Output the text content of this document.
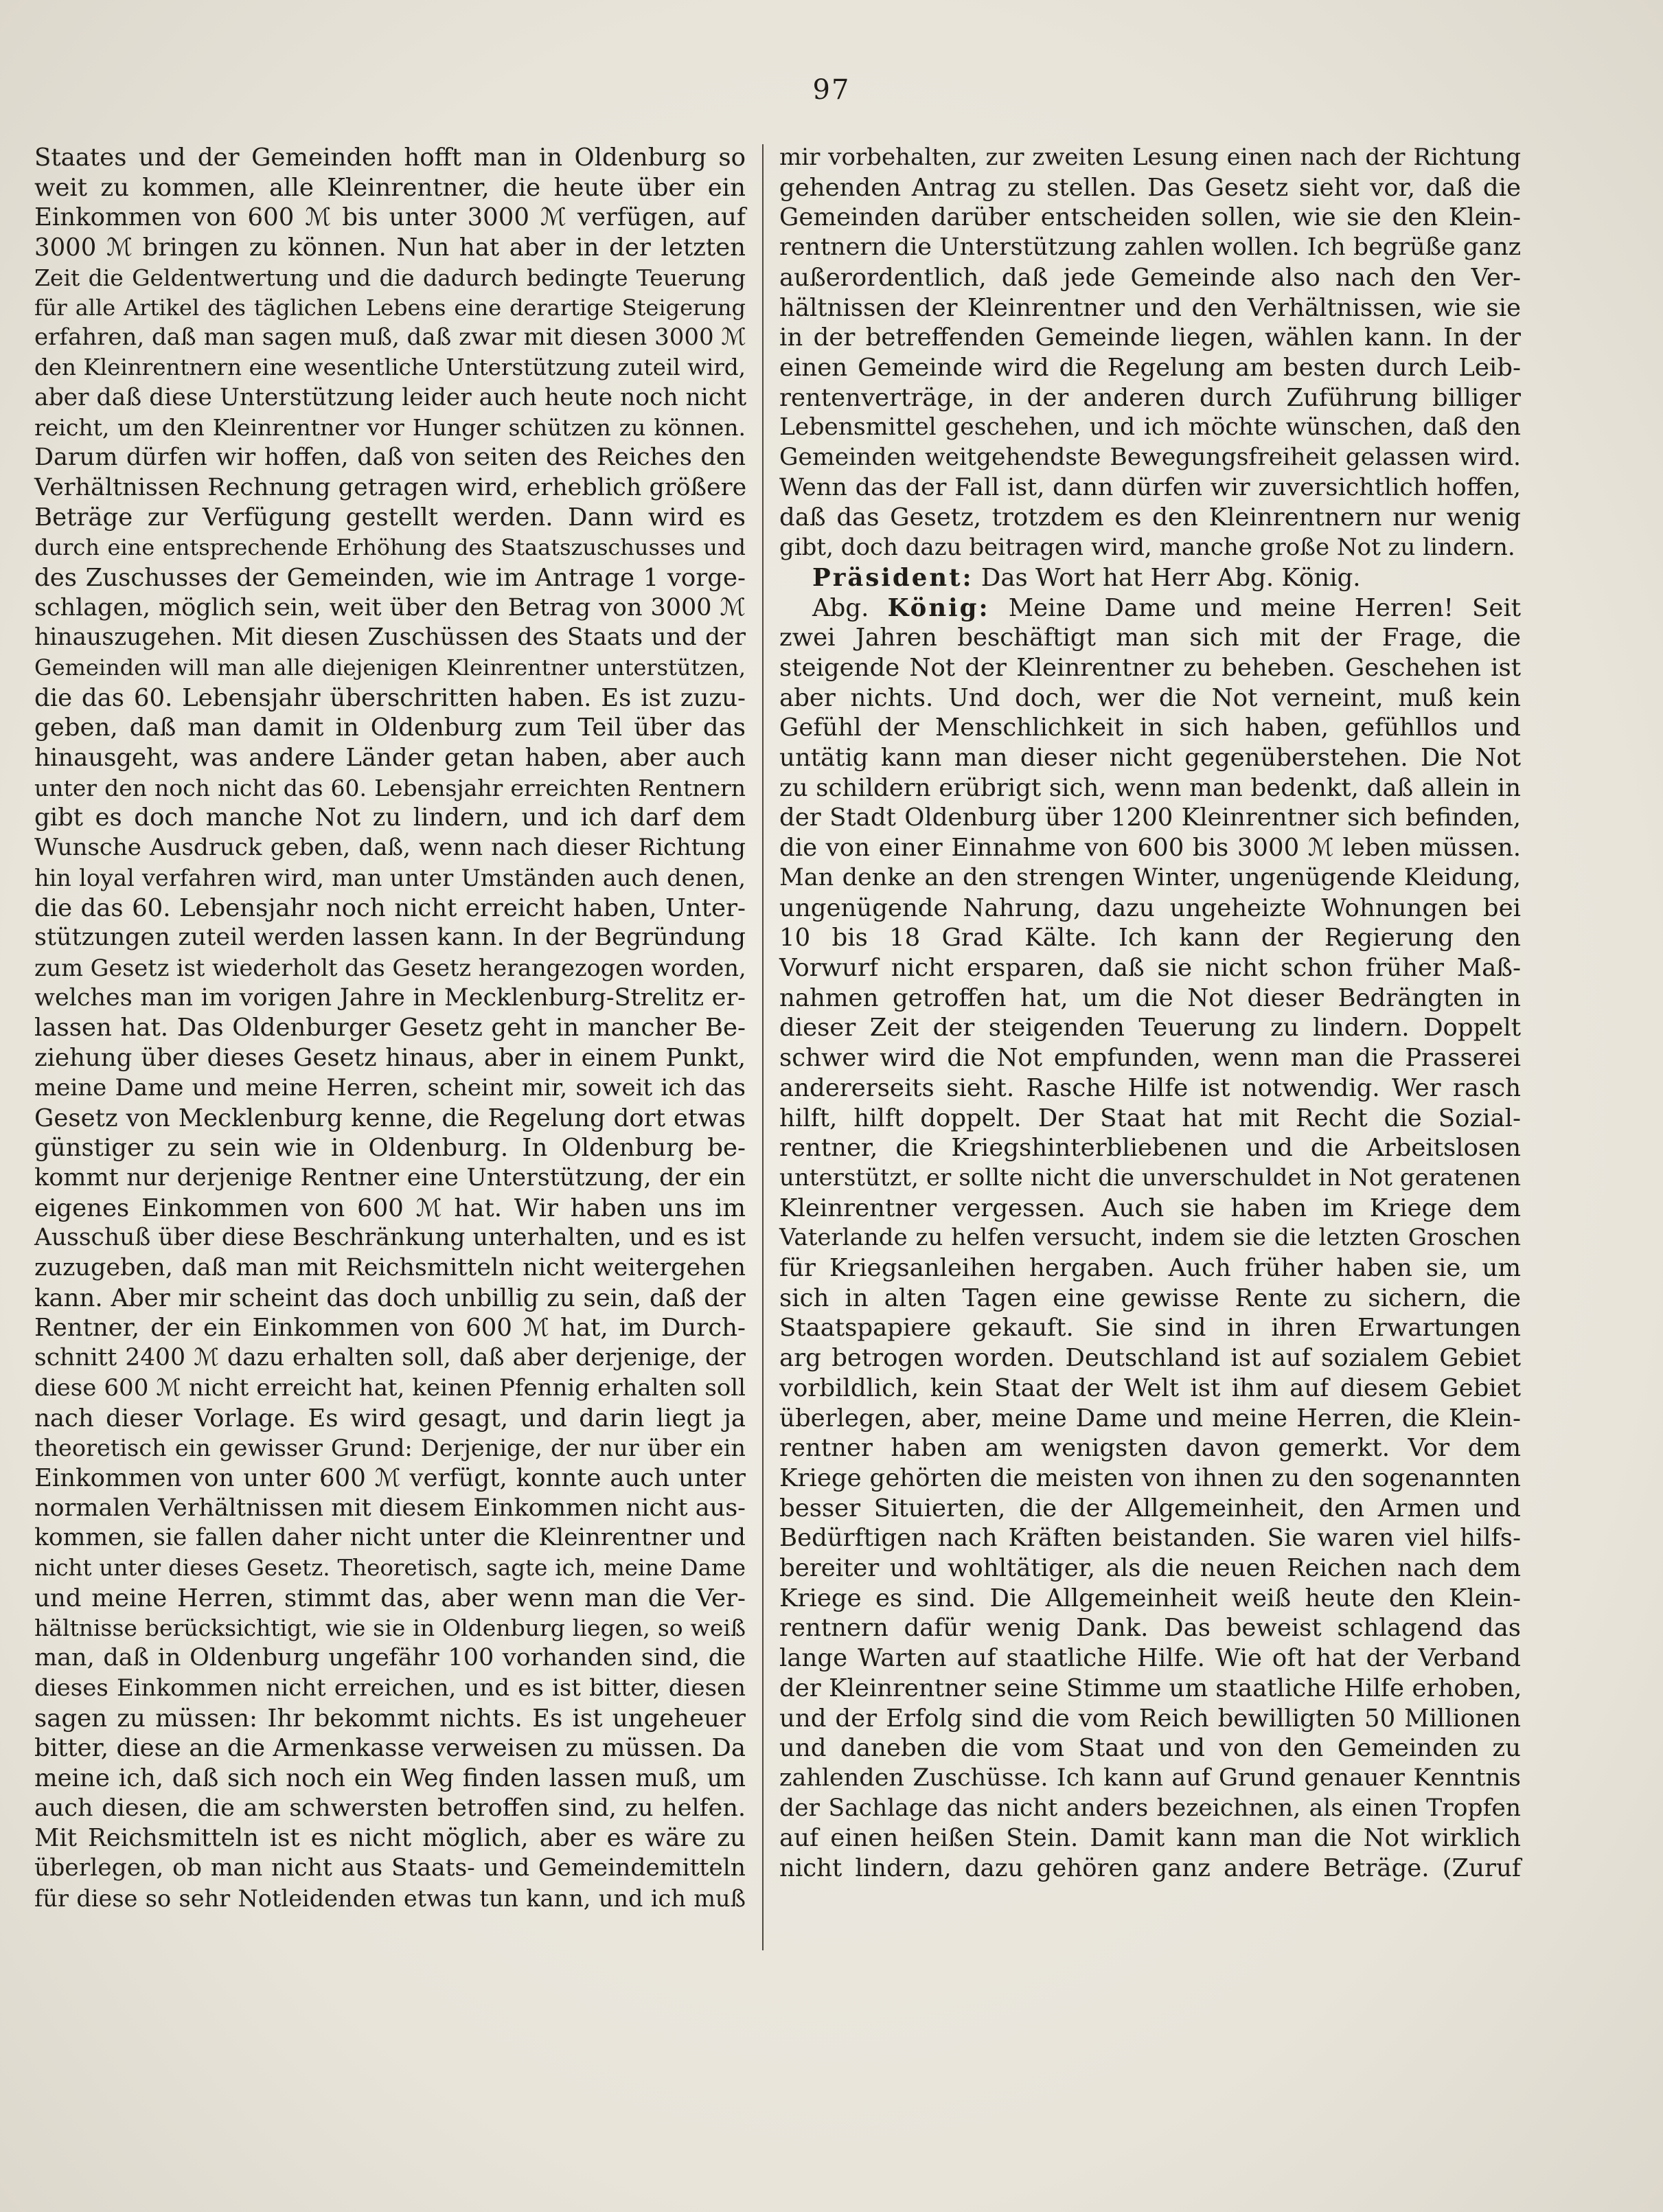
97
Staates und der Gemeinden hofft man in Oldenburg so
weit zu kommen, alle Kleinrentner, die heute über ein
Einkommen von 600 ℳ bis unter 3000 ℳ verfügen, auf
3000 ℳ bringen zu können. Nun hat aber in der letzten
Zeit die Geldentwertung und die dadurch bedingte Teuerung
für alle Artikel des täglichen Lebens eine derartige Steigerung
erfahren, daß man sagen muß, daß zwar mit diesen 3000 ℳ
den Kleinrentnern eine wesentliche Unterstützung zuteil wird,
aber daß diese Unterstützung leider auch heute noch nicht
reicht, um den Kleinrentner vor Hunger schützen zu können.
Darum dürfen wir hoffen, daß von seiten des Reiches den
Verhältnissen Rechnung getragen wird, erheblich größere
Beträge zur Verfügung gestellt werden. Dann wird es
durch eine entsprechende Erhöhung des Staatszuschusses und
des Zuschusses der Gemeinden, wie im Antrage 1 vorge-
schlagen, möglich sein, weit über den Betrag von 3000 ℳ
hinauszugehen. Mit diesen Zuschüssen des Staats und der
Gemeinden will man alle diejenigen Kleinrentner unterstützen,
die das 60. Lebensjahr überschritten haben. Es ist zuzu-
geben, daß man damit in Oldenburg zum Teil über das
hinausgeht, was andere Länder getan haben, aber auch
unter den noch nicht das 60. Lebensjahr erreichten Rentnern
gibt es doch manche Not zu lindern, und ich darf dem
Wunsche Ausdruck geben, daß, wenn nach dieser Richtung
hin loyal verfahren wird, man unter Umständen auch denen,
die das 60. Lebensjahr noch nicht erreicht haben, Unter-
stützungen zuteil werden lassen kann. In der Begründung
zum Gesetz ist wiederholt das Gesetz herangezogen worden,
welches man im vorigen Jahre in Mecklenburg-Strelitz er-
lassen hat. Das Oldenburger Gesetz geht in mancher Be-
ziehung über dieses Gesetz hinaus, aber in einem Punkt,
meine Dame und meine Herren, scheint mir, soweit ich das
Gesetz von Mecklenburg kenne, die Regelung dort etwas
günstiger zu sein wie in Oldenburg. In Oldenburg be-
kommt nur derjenige Rentner eine Unterstützung, der ein
eigenes Einkommen von 600 ℳ hat. Wir haben uns im
Ausschuß über diese Beschränkung unterhalten, und es ist
zuzugeben, daß man mit Reichsmitteln nicht weitergehen
kann. Aber mir scheint das doch unbillig zu sein, daß der
Rentner, der ein Einkommen von 600 ℳ hat, im Durch-
schnitt 2400 ℳ dazu erhalten soll, daß aber derjenige, der
diese 600 ℳ nicht erreicht hat, keinen Pfennig erhalten soll
nach dieser Vorlage. Es wird gesagt, und darin liegt ja
theoretisch ein gewisser Grund: Derjenige, der nur über ein
Einkommen von unter 600 ℳ verfügt, konnte auch unter
normalen Verhältnissen mit diesem Einkommen nicht aus-
kommen, sie fallen daher nicht unter die Kleinrentner und
nicht unter dieses Gesetz. Theoretisch, sagte ich, meine Dame
und meine Herren, stimmt das, aber wenn man die Ver-
hältnisse berücksichtigt, wie sie in Oldenburg liegen, so weiß
man, daß in Oldenburg ungefähr 100 vorhanden sind, die
dieses Einkommen nicht erreichen, und es ist bitter, diesen
sagen zu müssen: Ihr bekommt nichts. Es ist ungeheuer
bitter, diese an die Armenkasse verweisen zu müssen. Da
meine ich, daß sich noch ein Weg finden lassen muß, um
auch diesen, die am schwersten betroffen sind, zu helfen.
Mit Reichsmitteln ist es nicht möglich, aber es wäre zu
überlegen, ob man nicht aus Staats- und Gemeindemitteln
für diese so sehr Notleidenden etwas tun kann, und ich muß
mir vorbehalten, zur zweiten Lesung einen nach der Richtung
gehenden Antrag zu stellen. Das Gesetz sieht vor, daß die
Gemeinden darüber entscheiden sollen, wie sie den Klein-
rentnern die Unterstützung zahlen wollen. Ich begrüße ganz
außerordentlich, daß jede Gemeinde also nach den Ver-
hältnissen der Kleinrentner und den Verhältnissen, wie sie
in der betreffenden Gemeinde liegen, wählen kann. In der
einen Gemeinde wird die Regelung am besten durch Leib-
rentenverträge, in der anderen durch Zuführung billiger
Lebensmittel geschehen, und ich möchte wünschen, daß den
Gemeinden weitgehendste Bewegungsfreiheit gelassen wird.
Wenn das der Fall ist, dann dürfen wir zuversichtlich hoffen,
daß das Gesetz, trotzdem es den Kleinrentnern nur wenig
gibt, doch dazu beitragen wird, manche große Not zu lindern.
Präsident: Das Wort hat Herr Abg. König.
Abg. König: Meine Dame und meine Herren! Seit
zwei Jahren beschäftigt man sich mit der Frage, die
steigende Not der Kleinrentner zu beheben. Geschehen ist
aber nichts. Und doch, wer die Not verneint, muß kein
Gefühl der Menschlichkeit in sich haben, gefühllos und
untätig kann man dieser nicht gegenüberstehen. Die Not
zu schildern erübrigt sich, wenn man bedenkt, daß allein in
der Stadt Oldenburg über 1200 Kleinrentner sich befinden,
die von einer Einnahme von 600 bis 3000 ℳ leben müssen.
Man denke an den strengen Winter, ungenügende Kleidung,
ungenügende Nahrung, dazu ungeheizte Wohnungen bei
10 bis 18 Grad Kälte. Ich kann der Regierung den
Vorwurf nicht ersparen, daß sie nicht schon früher Maß-
nahmen getroffen hat, um die Not dieser Bedrängten in
dieser Zeit der steigenden Teuerung zu lindern. Doppelt
schwer wird die Not empfunden, wenn man die Prasserei
andererseits sieht. Rasche Hilfe ist notwendig. Wer rasch
hilft, hilft doppelt. Der Staat hat mit Recht die Sozial-
rentner, die Kriegshinterbliebenen und die Arbeitslosen
unterstützt, er sollte nicht die unverschuldet in Not geratenen
Kleinrentner vergessen. Auch sie haben im Kriege dem
Vaterlande zu helfen versucht, indem sie die letzten Groschen
für Kriegsanleihen hergaben. Auch früher haben sie, um
sich in alten Tagen eine gewisse Rente zu sichern, die
Staatspapiere gekauft. Sie sind in ihren Erwartungen
arg betrogen worden. Deutschland ist auf sozialem Gebiet
vorbildlich, kein Staat der Welt ist ihm auf diesem Gebiet
überlegen, aber, meine Dame und meine Herren, die Klein-
rentner haben am wenigsten davon gemerkt. Vor dem
Kriege gehörten die meisten von ihnen zu den sogenannten
besser Situierten, die der Allgemeinheit, den Armen und
Bedürftigen nach Kräften beistanden. Sie waren viel hilfs-
bereiter und wohltätiger, als die neuen Reichen nach dem
Kriege es sind. Die Allgemeinheit weiß heute den Klein-
rentnern dafür wenig Dank. Das beweist schlagend das
lange Warten auf staatliche Hilfe. Wie oft hat der Verband
der Kleinrentner seine Stimme um staatliche Hilfe erhoben,
und der Erfolg sind die vom Reich bewilligten 50 Millionen
und daneben die vom Staat und von den Gemeinden zu
zahlenden Zuschüsse. Ich kann auf Grund genauer Kenntnis
der Sachlage das nicht anders bezeichnen, als einen Tropfen
auf einen heißen Stein. Damit kann man die Not wirklich
nicht lindern, dazu gehören ganz andere Beträge. (Zuruf
